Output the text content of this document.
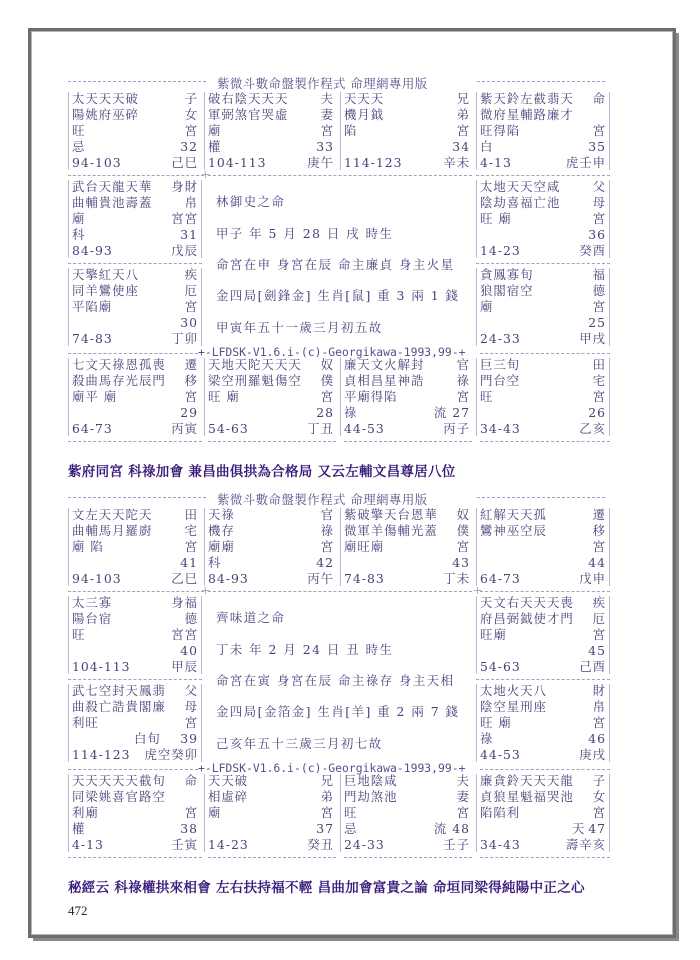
紫微斗數命盤製作程式 命理網專用版
太天天天破	子
陽姚府巫碎	女
旺	宮
忌	32
94-103	己巳
破右陰天天天	夫
軍弼煞官哭虛	妻
廟	宮
權	33
104-113	庚午
天天天	兄
機月鉞	弟
陷	宮
34
114-123	辛未
紫天鈴左截翡天 命
微府星輔路廉才
旺得陷	宮
白	35
4-13	虎壬申
+
武台天龍天華 身財
曲輔貴池壽蓋	帛
廟	宮宮
科	31
84-93	戊辰
太地天天空咸	父
陰劫喜福亡池	母
旺 廟	宮
36
14-23	癸酉
天擎紅天八	疾
同羊鸞使座	厄
平陷廟	宮
30
74-83	丁卯
貪鳳寡旬	福
狼閣宿空	德
廟	宮
25
24-33	甲戌
林御史之命
甲子 年 5 月 28 日 戌 時生
命宮在申 身宮在辰 命主廉貞 身主火星
金四局[劍鋒金] 生肖[鼠] 重 3 兩 1 錢
甲寅年五十一歲三月初五故
+-LFDSK-V1.6.i-(c)-Georgikawa-1993,99-+
七文天祿恩孤喪 遷
殺曲馬存光辰門 移
廟平 廟	宮
29
64-73	丙寅
天地天陀天天天 奴
梁空刑羅魁傷空 僕
旺 廟	宮
28
54-63	丁丑
廉天文火解封	官
貞相昌星神誥	祿
平廟得陷	宮
祿	流 27
44-53	丙子
巨三旬	田
門台空	宅
旺	宮
26
34-43	乙亥
紫府同宮 科祿加會 兼昌曲俱拱為合格局 又云左輔文昌尊居八位
紫微斗數命盤製作程式 命理網專用版
文左天天陀天	田
曲輔馬月羅廚	宅
廟 陷	宮
41
94-103	乙巳
天祿	官
機存	祿
廟廟	宮
科	42
84-93	丙午
紫破擎天台恩華 奴
微軍羊傷輔光蓋 僕
廟旺廟	宮
43
74-83	丁未
紅解天天孤	遷
鸞神巫空辰	移
宮
44
64-73	戊申
+	+
太三寡	身福
陽台宿	德
旺	宮宮
40
104-113	甲辰
天文右天天天喪 疾
府昌弼鉞使才門 厄
旺廟	宮
45
54-63	己酉
武七空封天鳳翡 父
曲殺亡誥貴閣廉 母
利旺	宮
白旬 39
114-123 虎空癸卯
太地火天八	財
陰空星刑座	帛
旺 廟	宮
祿	46
44-53	庚戌
齊味道之命
丁未 年 2 月 24 日 丑 時生
命宮在寅 身宮在辰 命主祿存 身主天相
金四局[金箔金] 生肖[羊] 重 2 兩 7 錢
己亥年五十三歲三月初七故
+-LFDSK-V1.6.i-(c)-Georgikawa-1993,99-+
天天天天天截旬 命
同梁姚喜官路空
利廟	宮
權	38
4-13	壬寅
天天破	兄
相虛碎	弟
廟	宮
37
14-23	癸丑
巨地陰咸	夫
門劫煞池	妻
旺	宮
忌	流 48
24-33	壬子
廉貪鈴天天天龍 子
貞狼星魁福哭池 女
陷陷利	宮
天 47
34-43	壽辛亥
秘經云 科祿權拱來相會 左右扶持福不輕 昌曲加會富貴之論 命垣同梁得純陽中正之心
472
